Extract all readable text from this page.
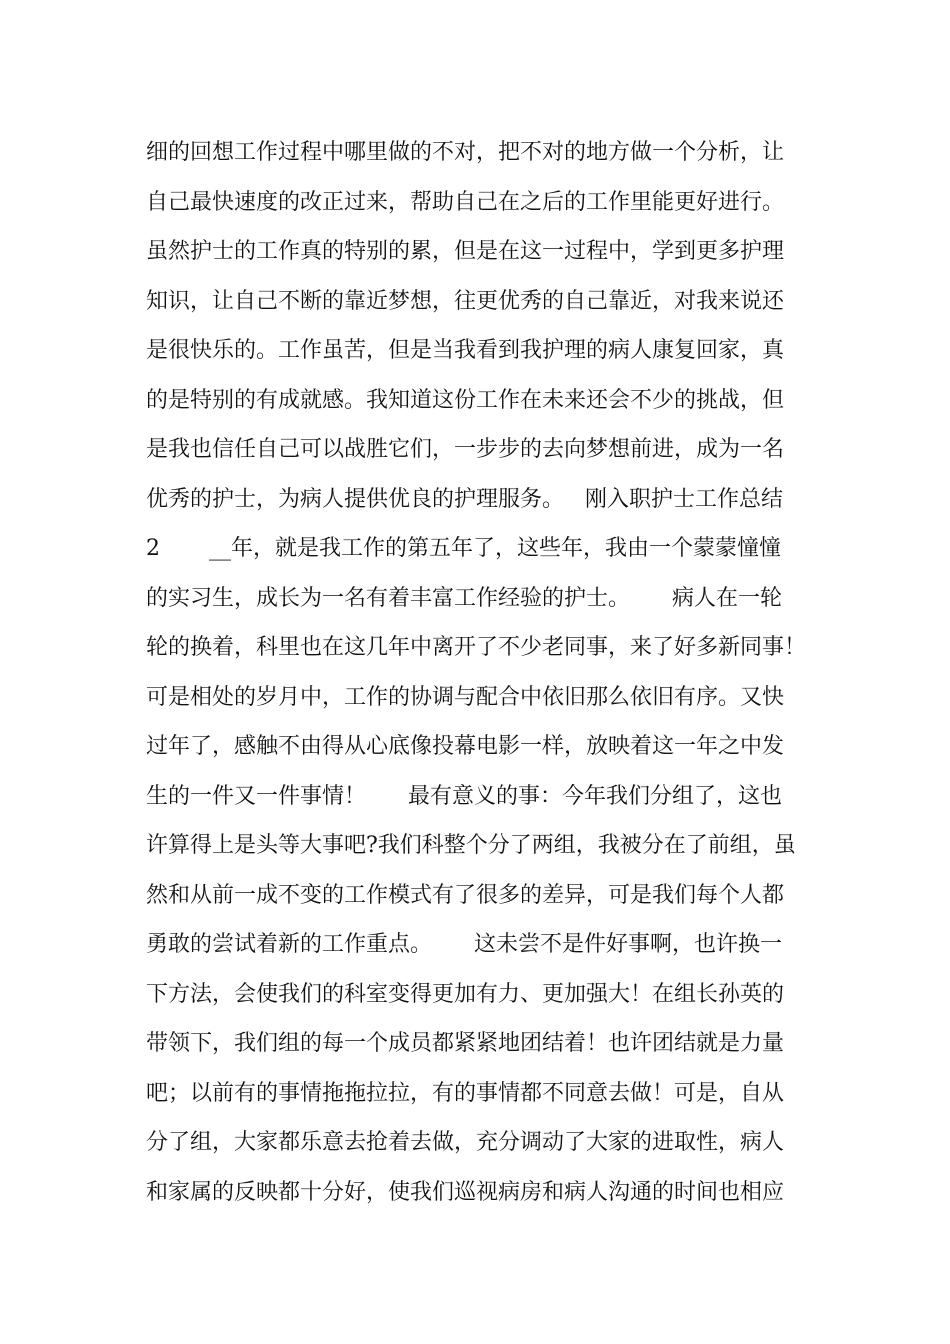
细的回想工作过程中哪里做的不对，把不对的地方做一个分析，让
自己最快速度的改正过来，帮助自己在之后的工作里能更好进行。
虽然护士的工作真的特别的累，但是在这一过程中，学到更多护理
知识，让自己不断的靠近梦想，往更优秀的自己靠近，对我来说还
是很快乐的。工作虽苦，但是当我看到我护理的病人康复回家，真
的是特别的有成就感。我知道这份工作在未来还会不少的挑战，但
是我也信任自己可以战胜它们，一步步的去向梦想前进，成为一名
优秀的护士，为病人提供优良的护理服务。   刚入职护士工作总结
2       __年，就是我工作的第五年了，这些年，我由一个蒙蒙憧憧
的实习生，成长为一名有着丰富工作经验的护士。      病人在一轮
轮的换着，科里也在这几年中离开了不少老同事，来了好多新同事！
可是相处的岁月中，工作的协调与配合中依旧那么依旧有序。又快
过年了，感触不由得从心底像投幕电影一样，放映着这一年之中发
生的一件又一件事情！      最有意义的事：今年我们分组了，这也
许算得上是头等大事吧?我们科整个分了两组，我被分在了前组，虽
然和从前一成不变的工作模式有了很多的差异，可是我们每个人都
勇敢的尝试着新的工作重点。      这未尝不是件好事啊，也许换一
下方法，会使我们的科室变得更加有力、更加强大！在组长孙英的
带领下，我们组的每一个成员都紧紧地团结着！也许团结就是力量
吧；以前有的事情拖拖拉拉，有的事情都不同意去做！可是，自从
分了组，大家都乐意去抢着去做，充分调动了大家的进取性，病人
和家属的反映都十分好，使我们巡视病房和病人沟通的时间也相应
